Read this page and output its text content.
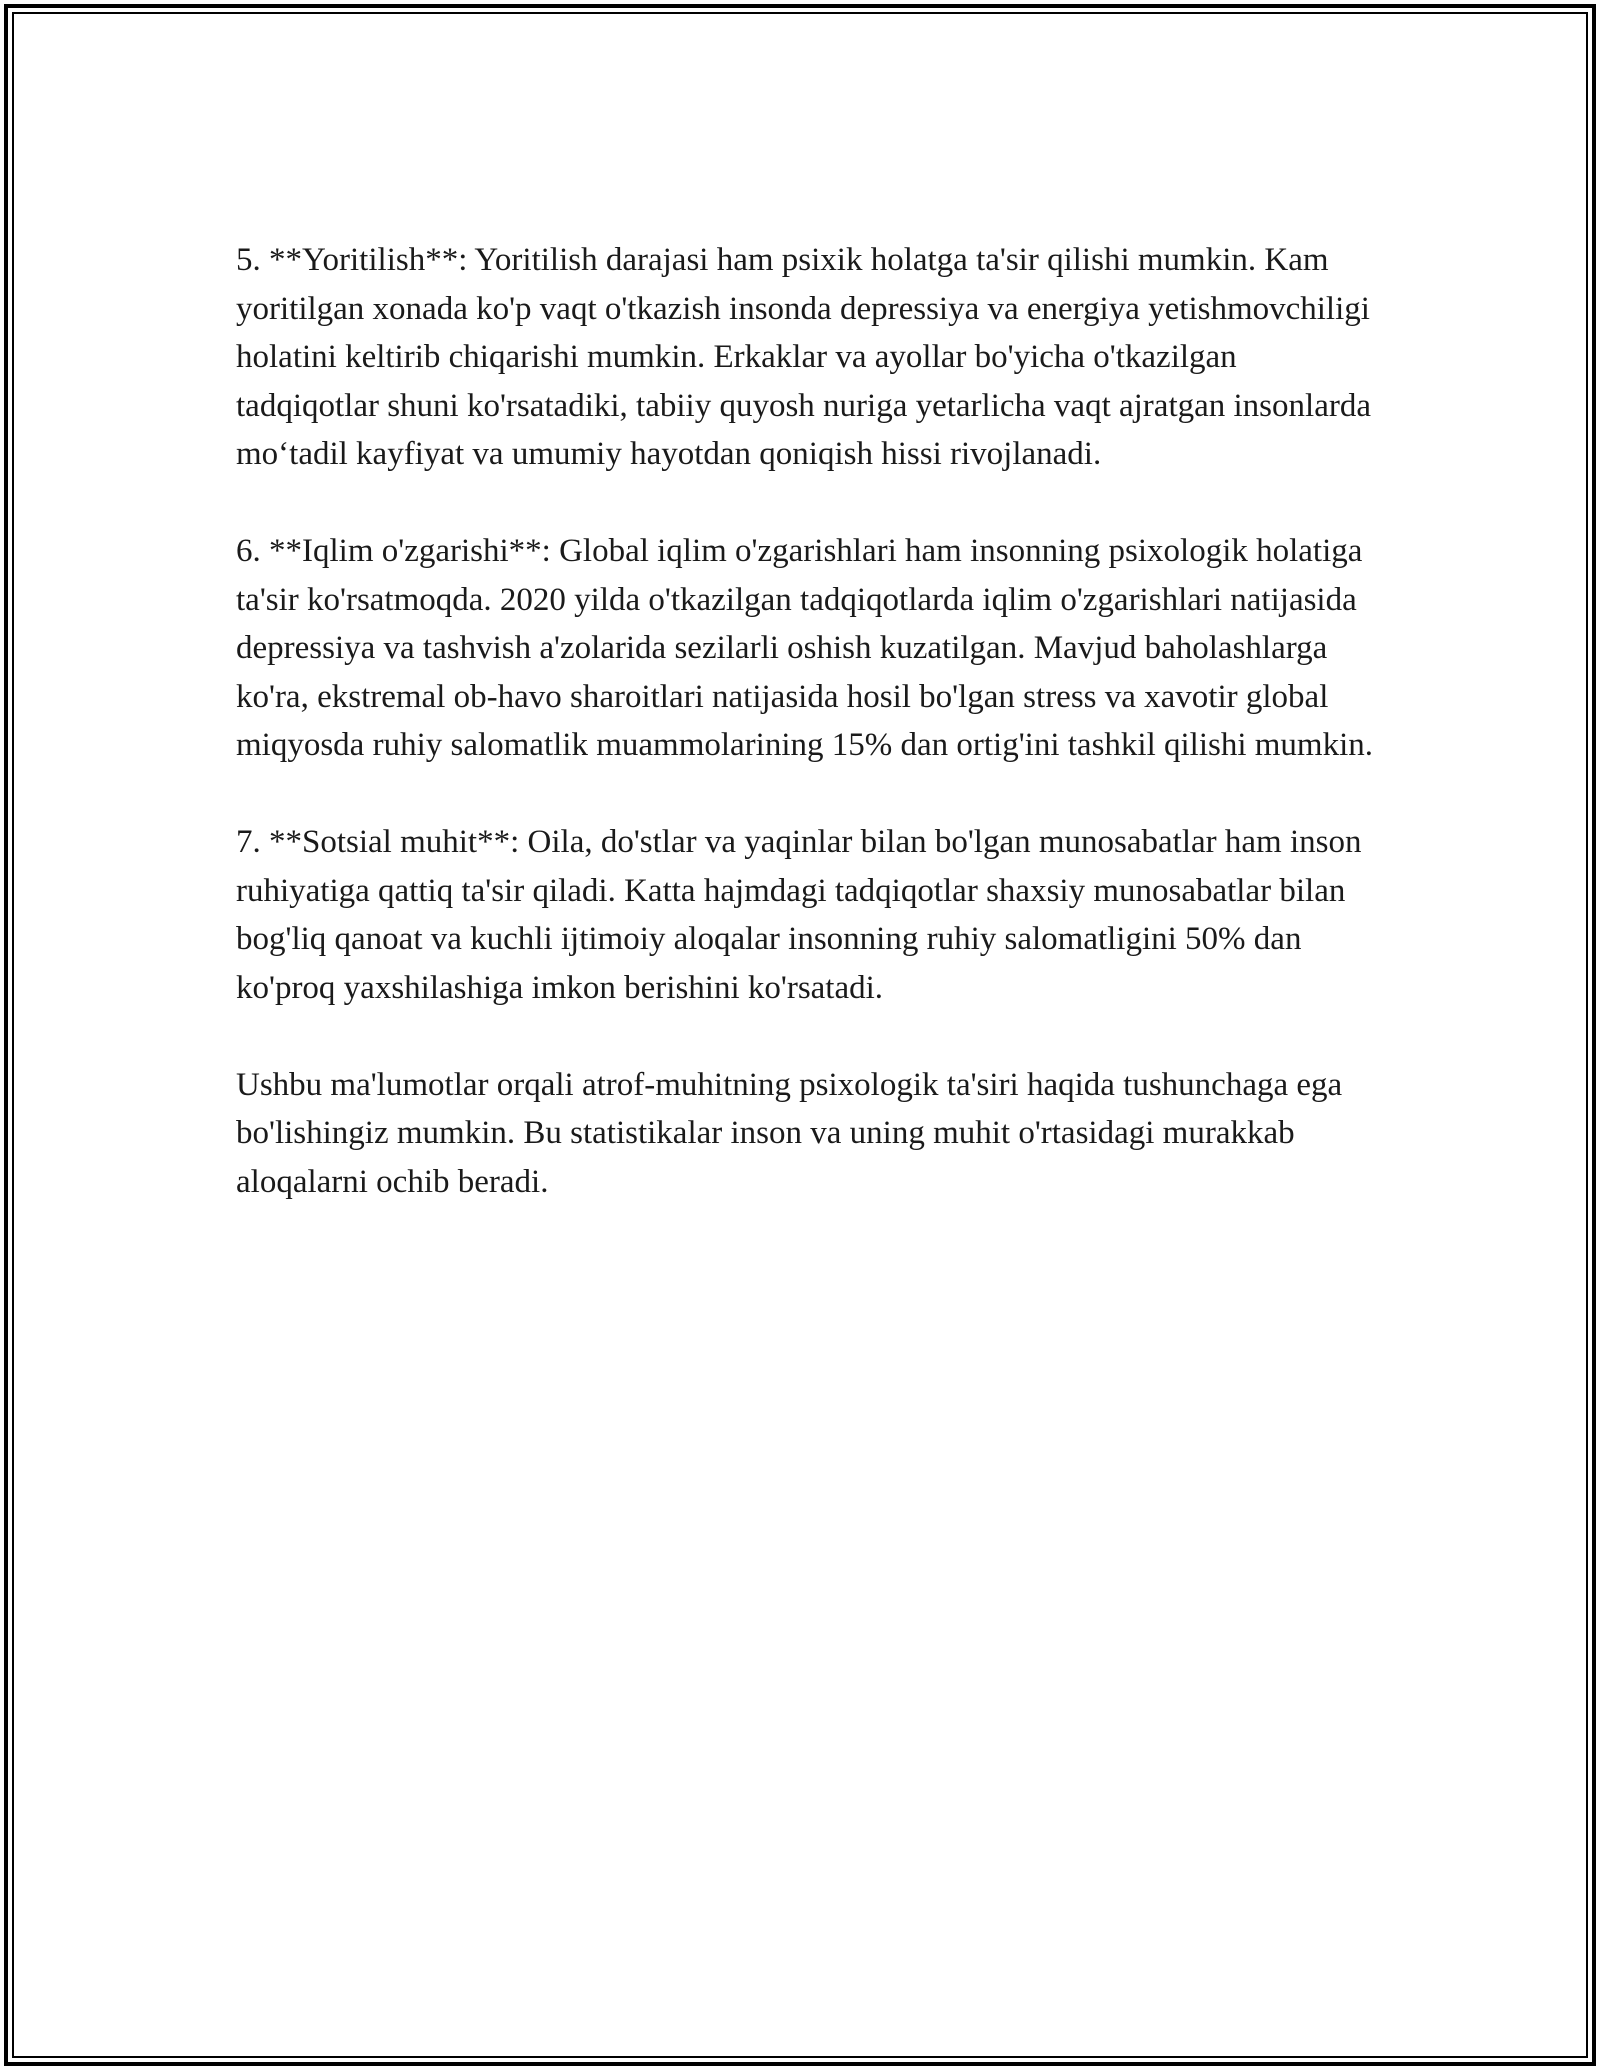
5. **Yoritilish**: Yoritilish darajasi ham psixik holatga ta'sir qilishi mumkin. Kam yoritilgan xonada ko'p vaqt o'tkazish insonda depressiya va energiya yetishmovchiligi holatini keltirib chiqarishi mumkin. Erkaklar va ayollar bo'yicha o'tkazilgan tadqiqotlar shuni ko'rsatadiki, tabiiy quyosh nuriga yetarlicha vaqt ajratgan insonlarda mo‘tadil kayfiyat va umumiy hayotdan qoniqish hissi rivojlanadi.

6. **Iqlim o'zgarishi**: Global iqlim o'zgarishlari ham insonning psixologik holatiga ta'sir ko'rsatmoqda. 2020 yilda o'tkazilgan tadqiqotlarda iqlim o'zgarishlari natijasida depressiya va tashvish a'zolarida sezilarli oshish kuzatilgan. Mavjud baholashlarga ko'ra, ekstremal ob-havo sharoitlari natijasida hosil bo'lgan stress va xavotir global miqyosda ruhiy salomatlik muammolarining 15% dan ortig'ini tashkil qilishi mumkin.

7. **Sotsial muhit**: Oila, do'stlar va yaqinlar bilan bo'lgan munosabatlar ham inson ruhiyatiga qattiq ta'sir qiladi. Katta hajmdagi tadqiqotlar shaxsiy munosabatlar bilan bog'liq qanoat va kuchli ijtimoiy aloqalar insonning ruhiy salomatligini 50% dan ko'proq yaxshilashiga imkon berishini ko'rsatadi.

Ushbu ma'lumotlar orqali atrof-muhitning psixologik ta'siri haqida tushunchaga ega bo'lishingiz mumkin. Bu statistikalar inson va uning muhit o'rtasidagi murakkab aloqalarni ochib beradi.
